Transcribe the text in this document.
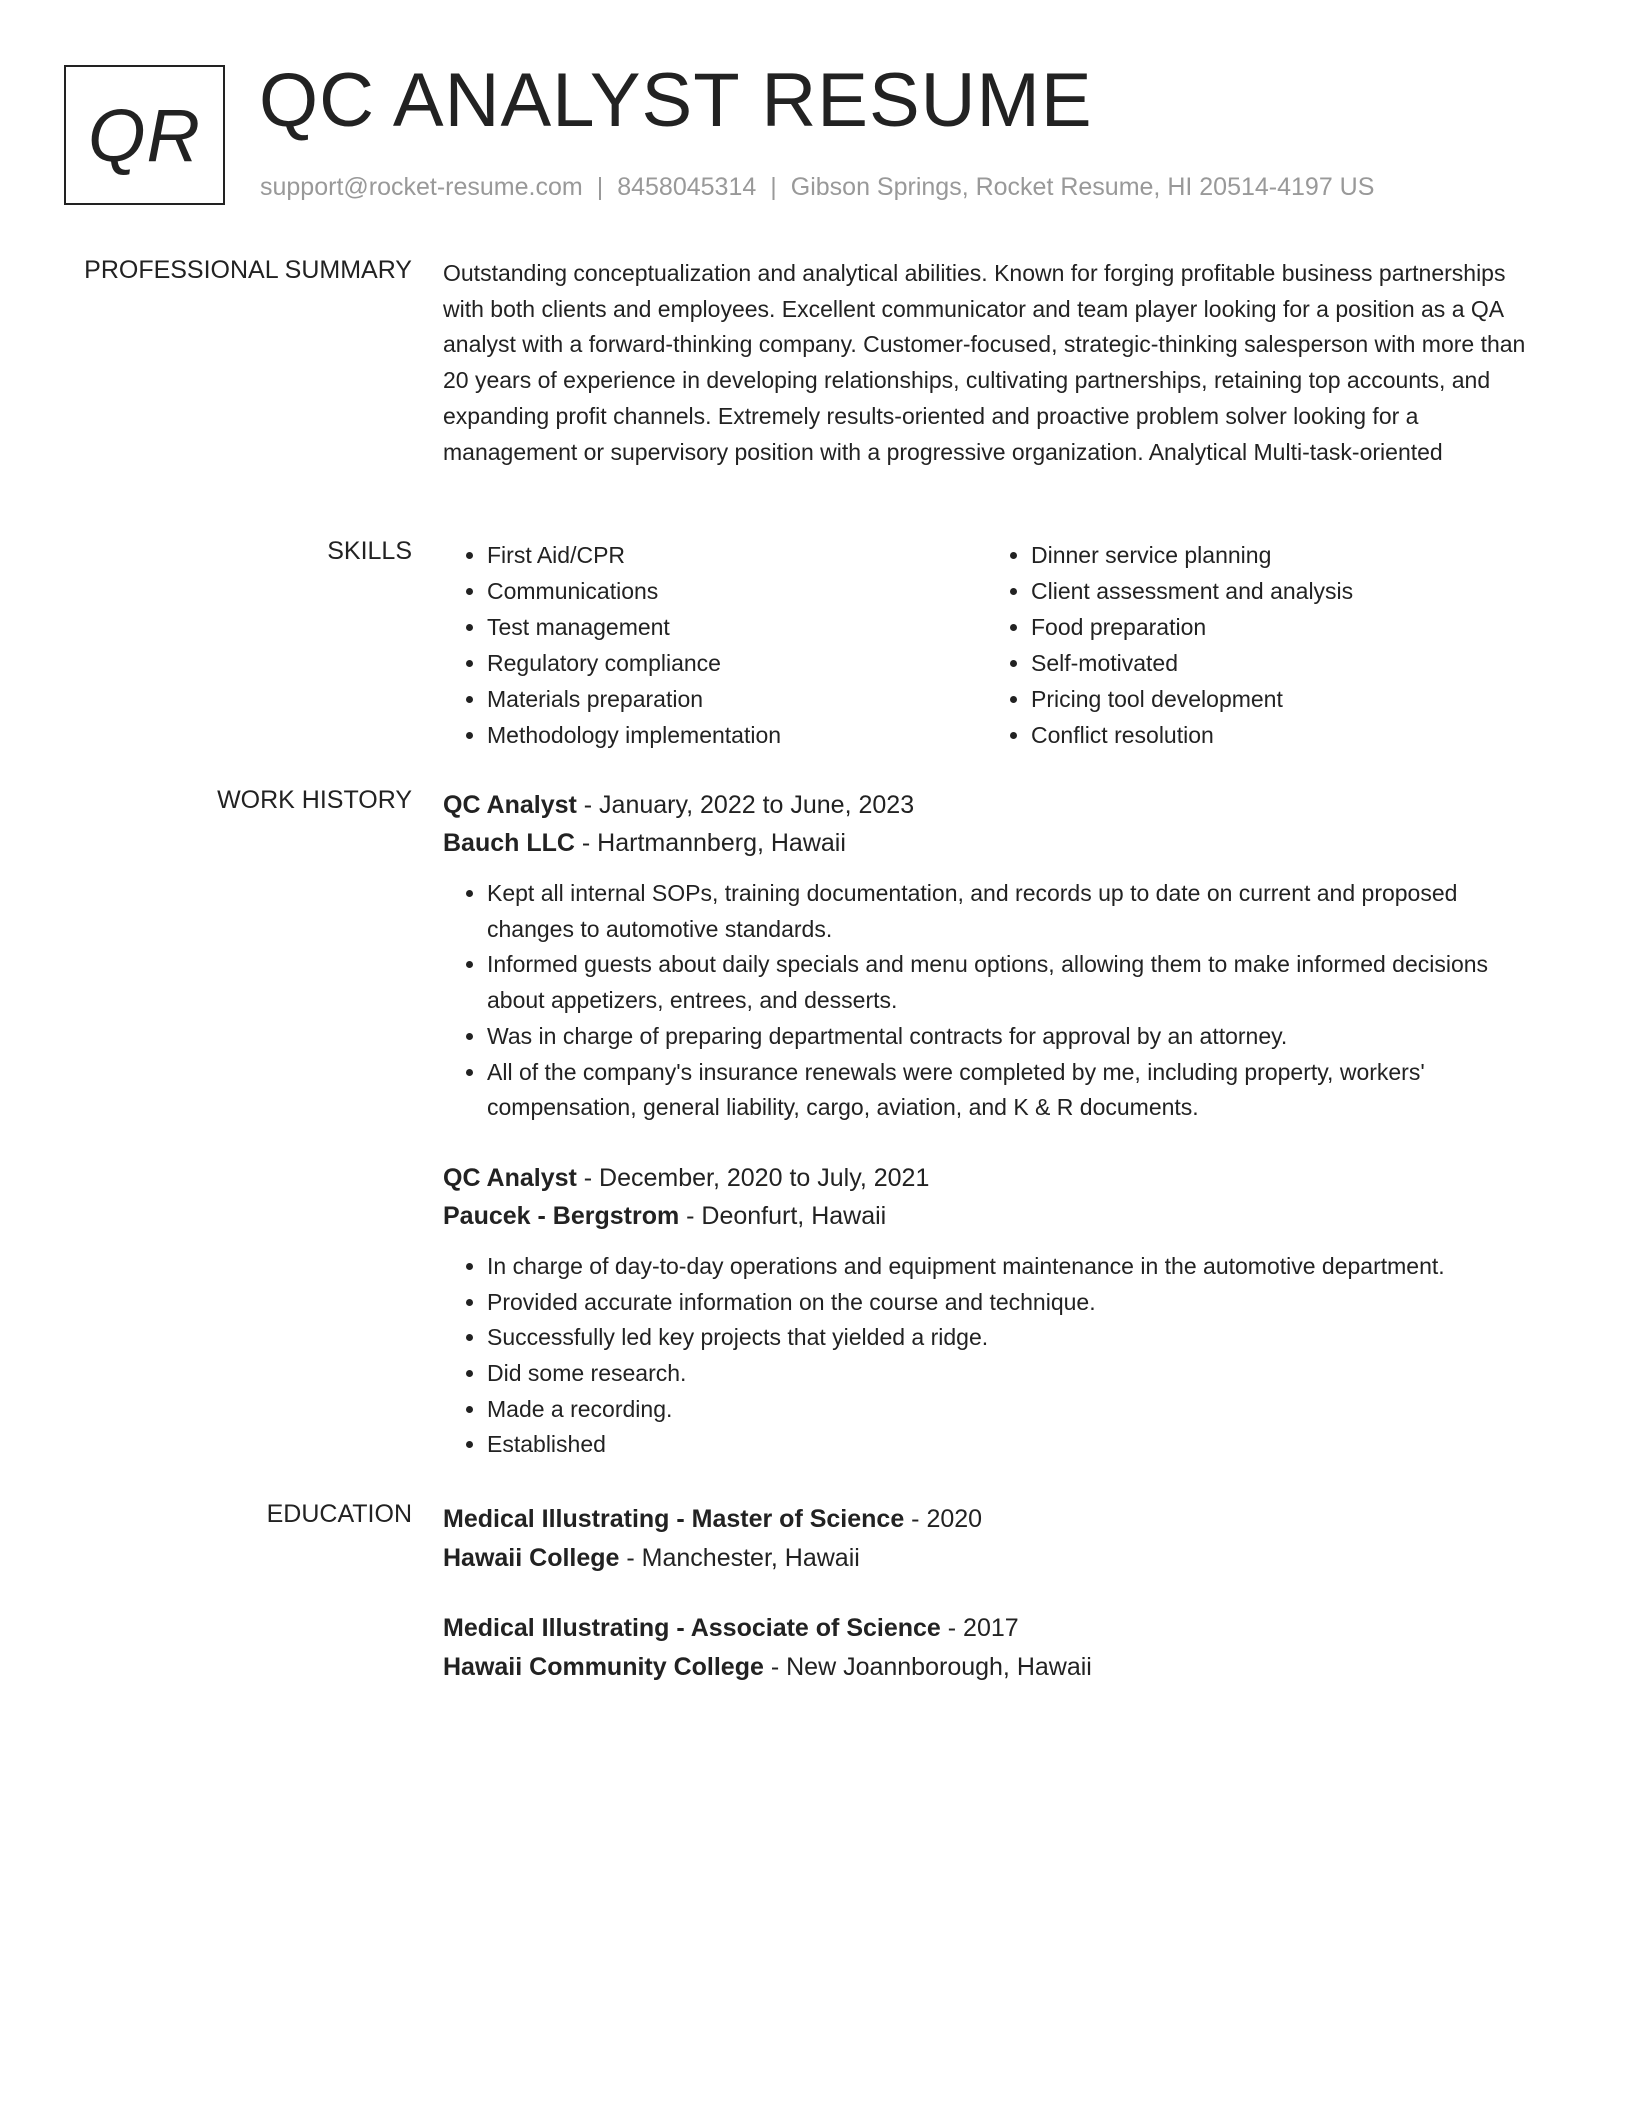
QR QC ANALYST RESUME
support@rocket-resume.com | 8458045314 | Gibson Springs, Rocket Resume, HI 20514-4197 US
PROFESSIONAL SUMMARY Outstanding conceptualization and analytical abilities. Known for forging profitable business partnerships with both clients and employees. Excellent communicator and team player looking for a position as a QA analyst with a forward-thinking company. Customer-focused, strategic-thinking salesperson with more than 20 years of experience in developing relationships, cultivating partnerships, retaining top accounts, and expanding profit channels. Extremely results-oriented and proactive problem solver looking for a management or supervisory position with a progressive organization. Analytical Multi-task-oriented

SKILLS
•	First Aid/CPR
• Communications
• Test management
• Regulatory compliance
• Materials preparation
• Methodology implementation
• Dinner service planning
• Client assessment and analysis
• Food preparation
• Self-motivated
• Pricing tool development
• Conflict resolution
WORK HISTORY QC Analyst - January, 2022 to June, 2023
Bauch LLC - Hartmannberg, Hawaii
• Kept all internal SOPs, training documentation, and records up to date on current and proposed changes to automotive standards.
• Informed guests about daily specials and menu options, allowing them to make informed decisions about appetizers, entrees, and desserts.
• Was in charge of preparing departmental contracts for approval by an attorney.
• All of the company's insurance renewals were completed by me, including property, workers' compensation, general liability, cargo, aviation, and K & R documents.
QC Analyst - December, 2020 to July, 2021
Paucek - Bergstrom - Deonfurt, Hawaii
• In charge of day-to-day operations and equipment maintenance in the automotive department.
• Provided accurate information on the course and technique.
• Successfully led key projects that yielded a ridge.
• Did some research.
• Made a recording.
• Established
EDUCATION Medical Illustrating - Master of Science - 2020
Hawaii College - Manchester, Hawaii
Medical Illustrating - Associate of Science - 2017
Hawaii Community College - New Joannborough, Hawaii
